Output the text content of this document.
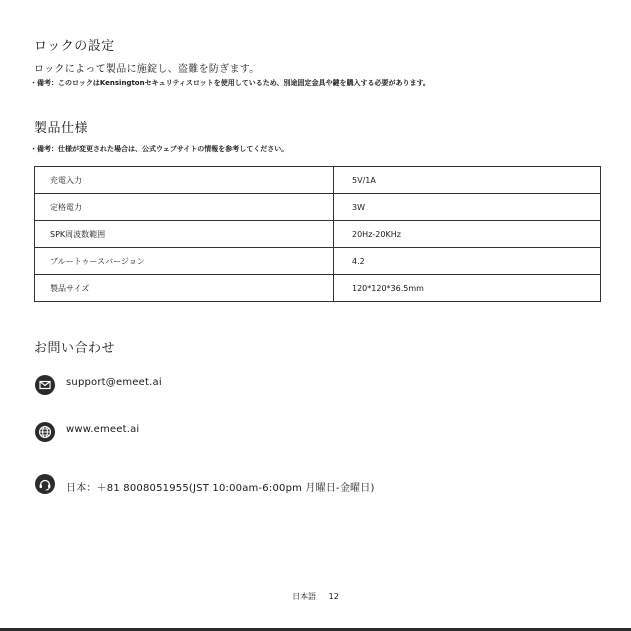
ロックの設定
ロックによって製品に施錠し、盗難を防ぎます。
・備考：このロックはKensingtonセキュリティスロットを使用しているため、別途固定金具や鍵を購入する必要があります。
製品仕様
・備考：仕様が変更された場合は、公式ウェブサイトの情報を参考してください。
充電入力	5V/1A
定格電力	3W
SPK周波数範囲	20Hz-20KHz
ブルートゥースバージョン	4.2
製品サイズ	120*120*36.5mm
お問い合わせ
support@emeet.ai
www.emeet.ai
日本：＋81 8008051955(JST 10:00am-6:00pm 月曜日-金曜日)
日本語 12
